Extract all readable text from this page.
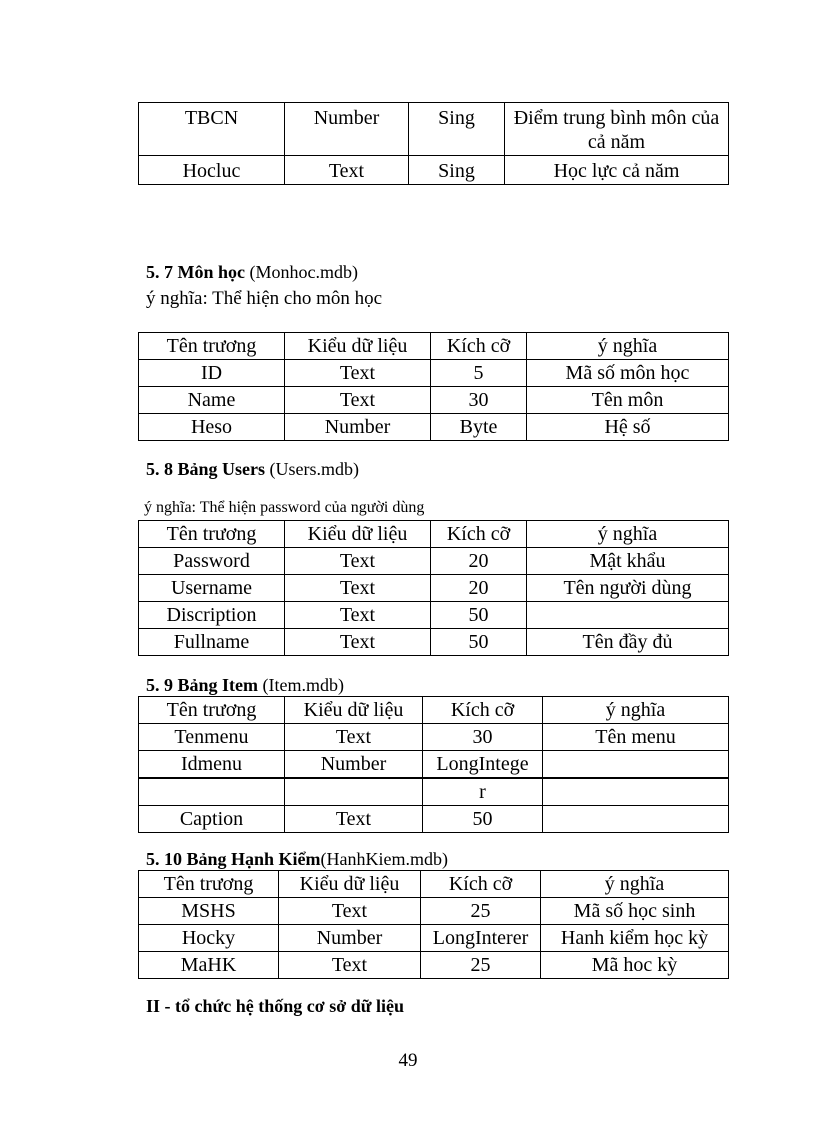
TBCN	Number	Sing	Điểm trung bình môn của cả năm
Hocluc	Text	Sing	Học lực cả năm
5. 7 Môn học (Monhoc.mdb)
ý nghĩa: Thể hiện cho môn học
Tên trương	Kiểu dữ liệu	Kích cỡ	ý nghĩa
ID	Text	5	Mã số môn học
Name	Text	30	Tên môn
Heso	Number	Byte	Hệ số
5. 8 Bảng Users (Users.mdb)
ý nghĩa: Thể hiện password của người dùng
Tên trương	Kiểu dữ liệu	Kích cỡ	ý nghĩa
Password	Text	20	Mật khẩu
Username	Text	20	Tên người dùng
Discription	Text	50	
Fullname	Text	50	Tên đầy đủ
5. 9 Bảng Item (Item.mdb)
Tên trương	Kiểu dữ liệu	Kích cỡ	ý nghĩa
Tenmenu	Text	30	Tên menu
Idmenu	Number	LongIntege	
		r	
Caption	Text	50	
5. 10 Bảng Hạnh Kiểm(HanhKiem.mdb)
Tên trương	Kiểu dữ liệu	Kích cỡ	ý nghĩa
MSHS	Text	25	Mã số học sinh
Hocky	Number	LongInterer	Hanh kiểm học kỳ
MaHK	Text	25	Mã hoc kỳ
II - tổ chức hệ thống cơ sở dữ liệu
49
